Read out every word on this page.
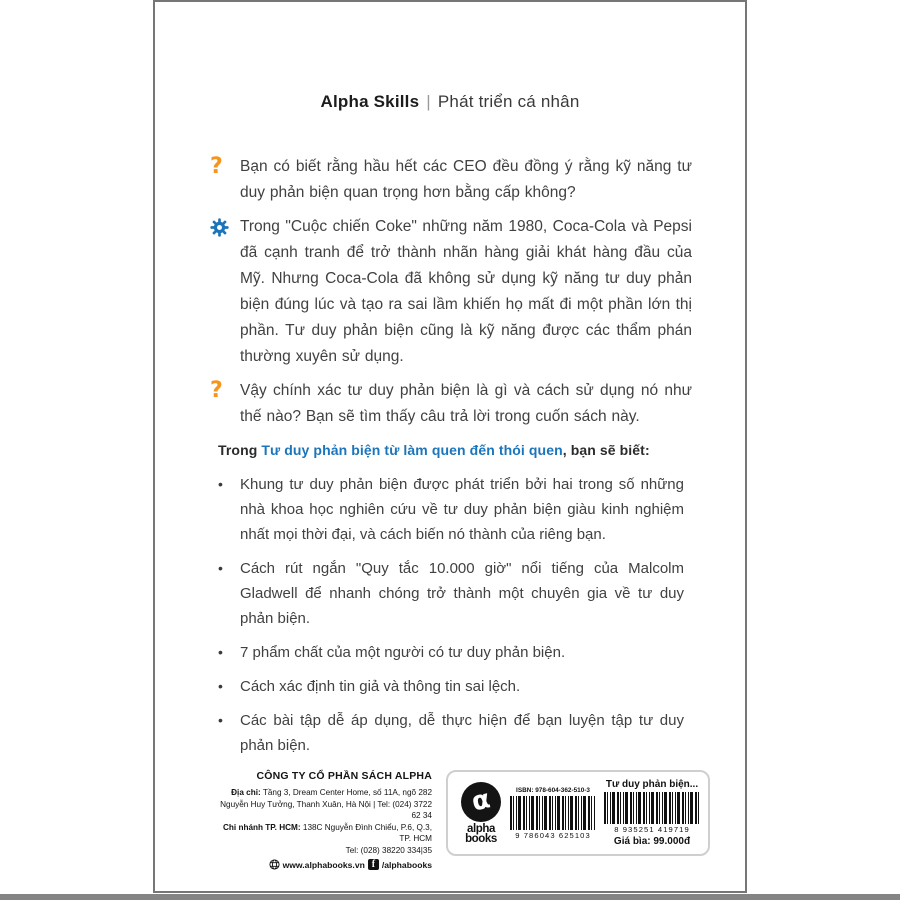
Alpha Skills | Phát triển cá nhân
?	Bạn có biết rằng hầu hết các CEO đều đồng ý rằng kỹ năng tư duy phản biện quan trọng hơn bằng cấp không?
Trong "Cuộc chiến Coke" những năm 1980, Coca-Cola và Pepsi đã cạnh tranh để trở thành nhãn hàng giải khát hàng đầu của Mỹ. Nhưng Coca-Cola đã không sử dụng kỹ năng tư duy phản biện đúng lúc và tạo ra sai lầm khiến họ mất đi một phần lớn thị phần. Tư duy phản biện cũng là kỹ năng được các thẩm phán thường xuyên sử dụng.
?	Vậy chính xác tư duy phản biện là gì và cách sử dụng nó như thế nào? Bạn sẽ tìm thấy câu trả lời trong cuốn sách này.
Trong Tư duy phản biện từ làm quen đến thói quen, bạn sẽ biết:
•	Khung tư duy phản biện được phát triển bởi hai trong số những nhà khoa học nghiên cứu về tư duy phản biện giàu kinh nghiệm nhất mọi thời đại, và cách biến nó thành của riêng bạn.
•	Cách rút ngắn "Quy tắc 10.000 giờ" nổi tiếng của Malcolm Gladwell để nhanh chóng trở thành một chuyên gia về tư duy phản biện.
•	7 phẩm chất của một người có tư duy phản biện.
•	Cách xác định tin giả và thông tin sai lệch.
•	Các bài tập dễ áp dụng, dễ thực hiện để bạn luyện tập tư duy phản biện.
CÔNG TY CỔ PHẦN SÁCH ALPHA
Địa chỉ: Tầng 3, Dream Center Home, số 11A, ngõ 282
Nguyễn Huy Tưởng, Thanh Xuân, Hà Nội | Tel: (024) 3722 62 34
Chi nhánh TP. HCM: 138C Nguyễn Đình Chiểu, P.6, Q.3, TP. HCM
Tel: (028) 38220 334|35
www.alphabooks.vn f /alphabooks
α
alpha
books
ISBN: 978-604-362-510-3
9 786043 625103
Tư duy phản biện...
8 935251 419719
Giá bìa: 99.000đ
